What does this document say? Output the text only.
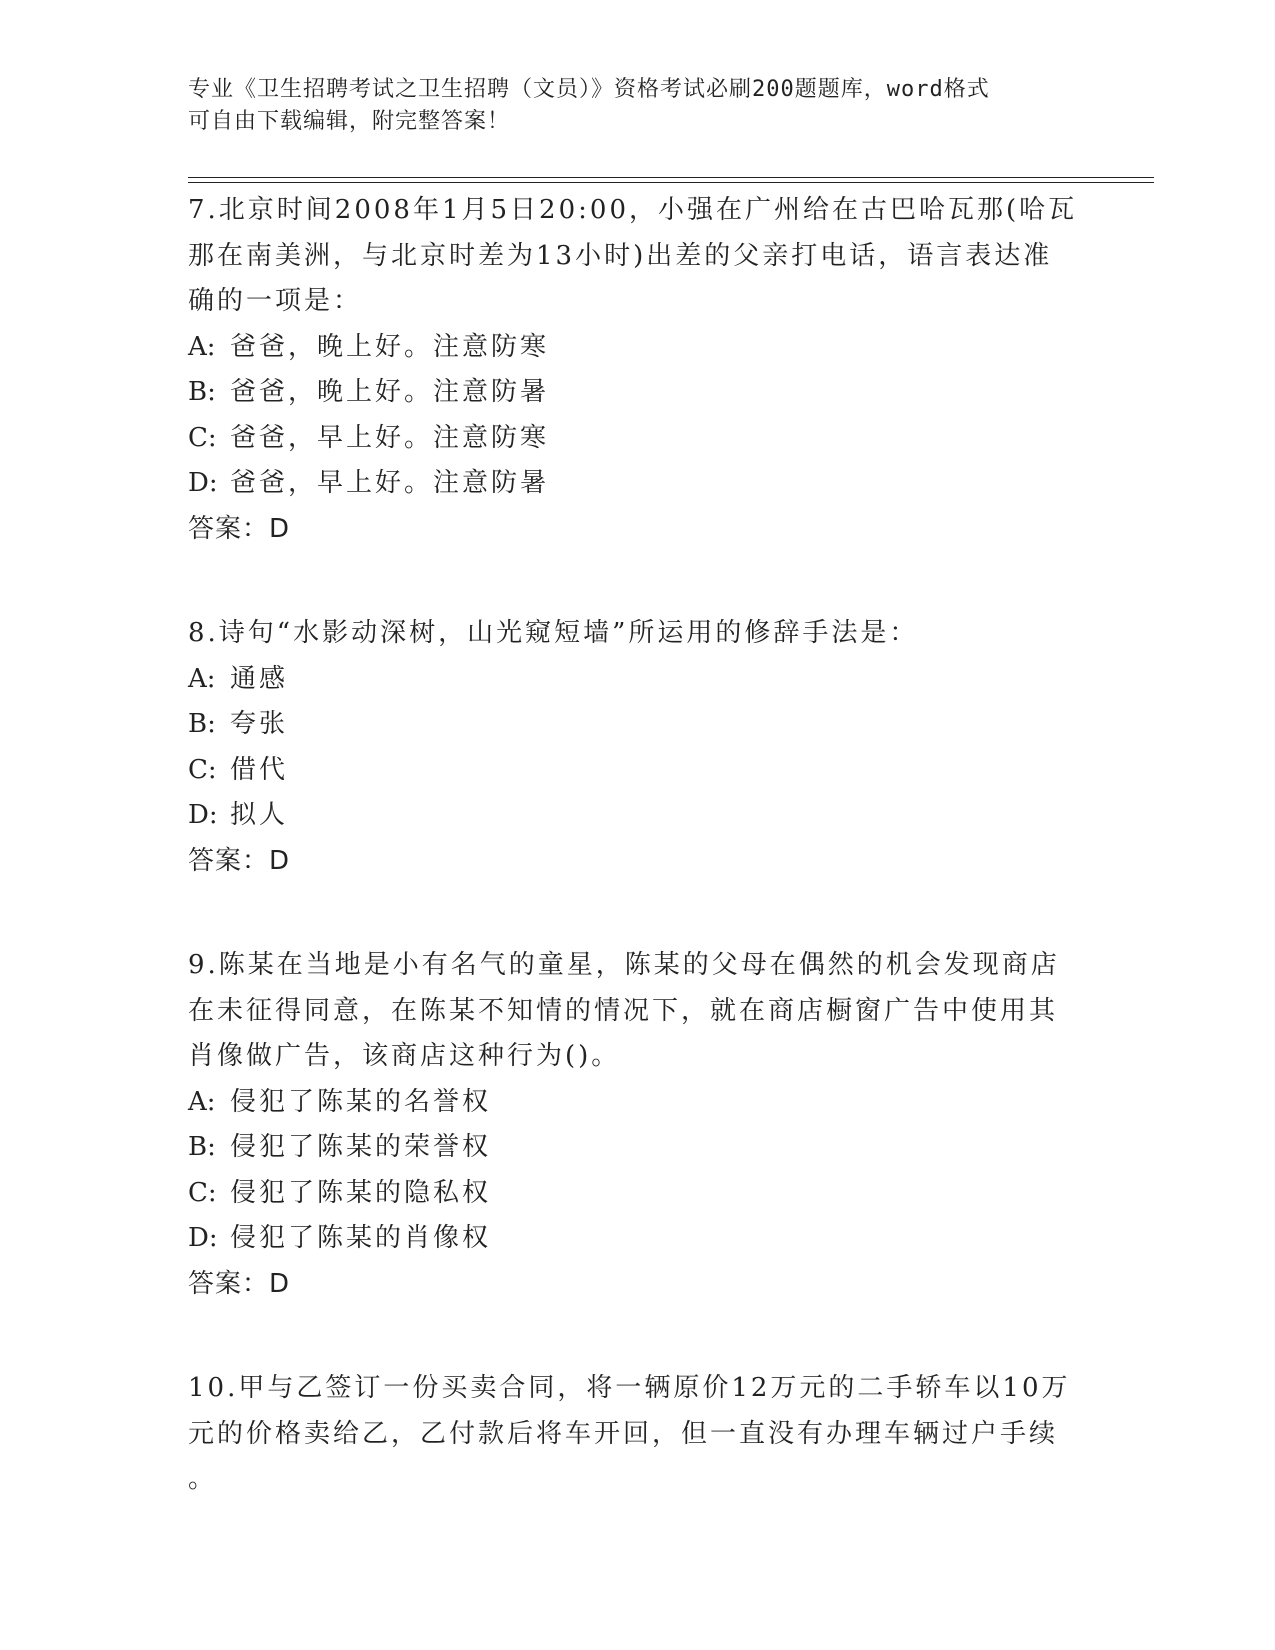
专业《卫生招聘考试之卫生招聘（文员）》资格考试必刷200题题库，word格式
可自由下载编辑，附完整答案！
7.北京时间2008年1月5日20:00，小强在广州给在古巴哈瓦那(哈瓦
那在南美洲，与北京时差为13小时)出差的父亲打电话，语言表达准
确的一项是：
A: 爸爸，晚上好。注意防寒
B: 爸爸，晚上好。注意防暑
C: 爸爸，早上好。注意防寒
D: 爸爸，早上好。注意防暑
答案：D
8.诗句“水影动深树，山光窥短墙”所运用的修辞手法是：
A: 通感
B: 夸张
C: 借代
D: 拟人
答案：D
9.陈某在当地是小有名气的童星，陈某的父母在偶然的机会发现商店
在未征得同意，在陈某不知情的情况下，就在商店橱窗广告中使用其
肖像做广告，该商店这种行为()。
A: 侵犯了陈某的名誉权
B: 侵犯了陈某的荣誉权
C: 侵犯了陈某的隐私权
D: 侵犯了陈某的肖像权
答案：D
10.甲与乙签订一份买卖合同，将一辆原价12万元的二手轿车以10万
元的价格卖给乙，乙付款后将车开回，但一直没有办理车辆过户手续
。
